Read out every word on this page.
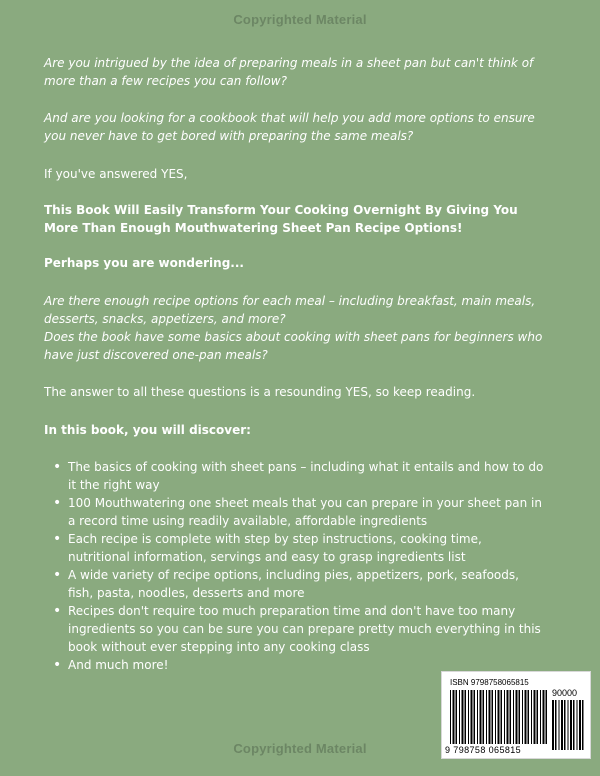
Copyrighted Material

Are you intrigued by the idea of preparing meals in a sheet pan but can't think of more than a few recipes you can follow?

And are you looking for a cookbook that will help you add more options to ensure you never have to get bored with preparing the same meals?

If you've answered YES,

This Book Will Easily Transform Your Cooking Overnight By Giving You More Than Enough Mouthwatering Sheet Pan Recipe Options!

Perhaps you are wondering...

Are there enough recipe options for each meal – including breakfast, main meals, desserts, snacks, appetizers, and more?

Does the book have some basics about cooking with sheet pans for beginners who have just discovered one-pan meals?

The answer to all these questions is a resounding YES, so keep reading.

In this book, you will discover:

• The basics of cooking with sheet pans – including what it entails and how to do it the right way
• 100 Mouthwatering one sheet meals that you can prepare in your sheet pan in a record time using readily available, affordable ingredients
• Each recipe is complete with step by step instructions, cooking time, nutritional information, servings and easy to grasp ingredients list
• A wide variety of recipe options, including pies, appetizers, pork, seafoods, fish, pasta, noodles, desserts and more
• Recipes don't require too much preparation time and don't have too many ingredients so you can be sure you can prepare pretty much everything in this book without ever stepping into any cooking class
• And much more!
ISBN 9798758065815
90000
9 798758 065815
Copyrighted Material
